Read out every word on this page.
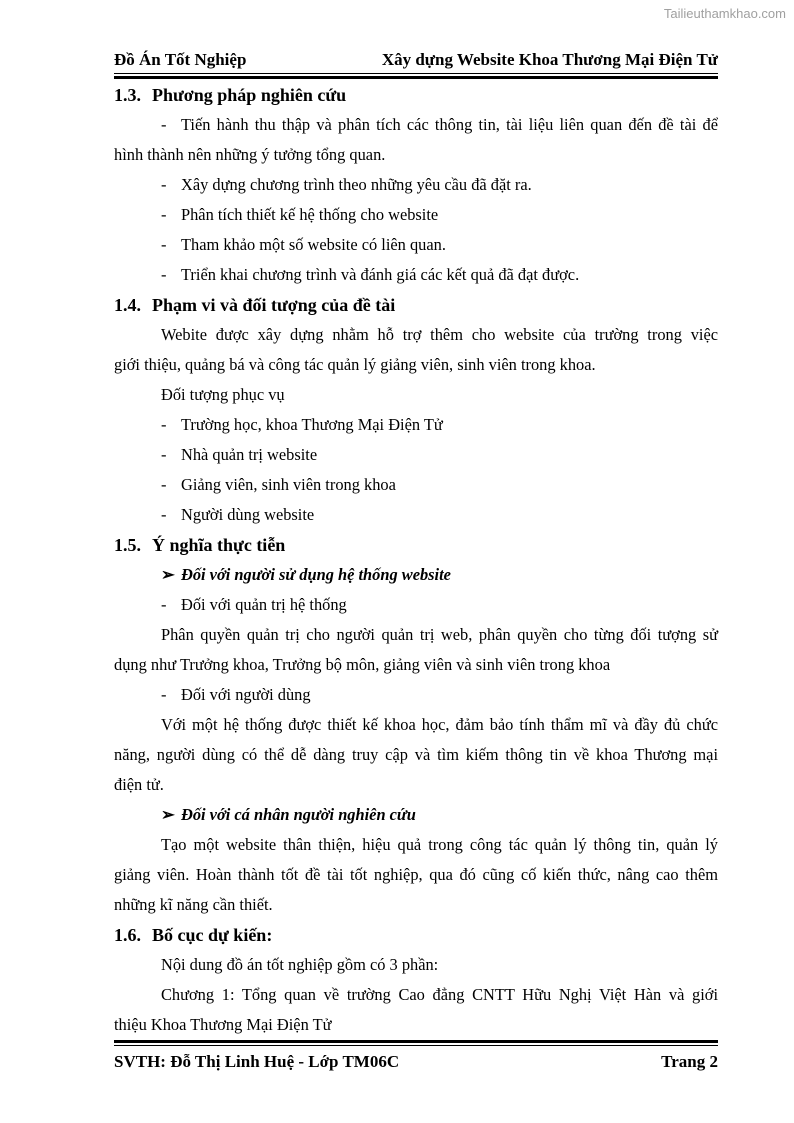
Tailieuthamkhao.com
Đồ Án Tốt Nghiệp	Xây dựng Website Khoa Thương Mại Điện Tử
1.3. Phương pháp nghiên cứu
- Tiến hành thu thập và phân tích các thông tin, tài liệu liên quan đến đề tài để
hình thành nên những ý tưởng tổng quan.
- Xây dựng chương trình theo những yêu cầu đã đặt ra.
- Phân tích thiết kế hệ thống cho website
- Tham khảo một số website có liên quan.
- Triển khai chương trình và đánh giá các kết quả đã đạt được.
1.4. Phạm vi và đối tượng của đề tài
Webite được xây dựng nhằm hỗ trợ thêm cho website của trường trong việc
giới thiệu, quảng bá và công tác quản lý giảng viên, sinh viên trong khoa.
Đối tượng phục vụ
- Trường học, khoa Thương Mại Điện Tử
- Nhà quản trị website
- Giảng viên, sinh viên trong khoa
- Người dùng website
1.5. Ý nghĩa thực tiễn
➢ Đối với người sử dụng hệ thống website
- Đối với quản trị hệ thống
Phân quyền quản trị cho người quản trị web, phân quyền cho từng đối tượng sử
dụng như Trưởng khoa, Trưởng bộ môn, giảng viên và sinh viên trong khoa
- Đối với người dùng
Với một hệ thống được thiết kế khoa học, đảm bảo tính thẩm mĩ và đầy đủ chức
năng, người dùng có thể dễ dàng truy cập và tìm kiếm thông tin về khoa Thương mại
điện tử.
➢ Đối với cá nhân người nghiên cứu
Tạo một website thân thiện, hiệu quả trong công tác quản lý thông tin, quản lý
giảng viên. Hoàn thành tốt đề tài tốt nghiệp, qua đó cũng cố kiến thức, nâng cao thêm
những kĩ năng cần thiết.
1.6. Bố cục dự kiến:
Nội dung đồ án tốt nghiệp gồm có 3 phần:
Chương 1: Tổng quan về trường Cao đẳng CNTT Hữu Nghị Việt Hàn và giới
thiệu Khoa Thương Mại Điện Tử
SVTH: Đỗ Thị Linh Huệ - Lớp TM06C	Trang 2
